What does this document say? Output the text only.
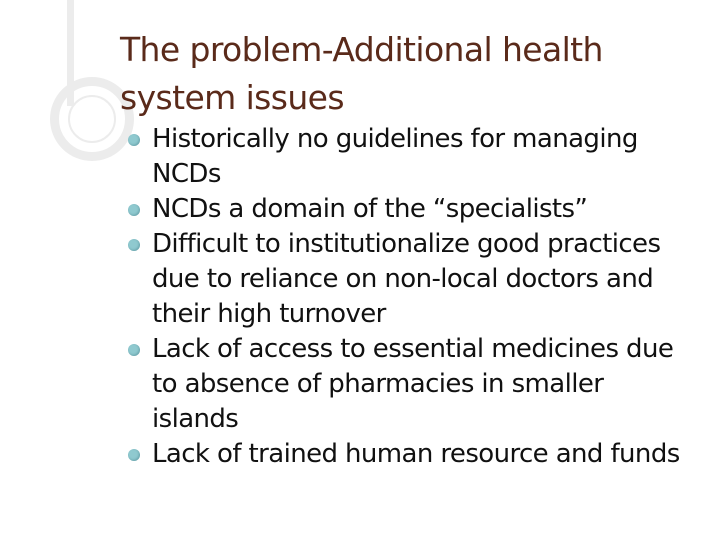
The problem-Additional health
system issues
Historically no guidelines for managing
NCDs
NCDs a domain of the “specialists”
Difficult to institutionalize good practices
due to reliance on non-local doctors and
their high turnover
Lack of access to essential medicines due
to absence of pharmacies in smaller
islands
Lack of trained human resource and funds
